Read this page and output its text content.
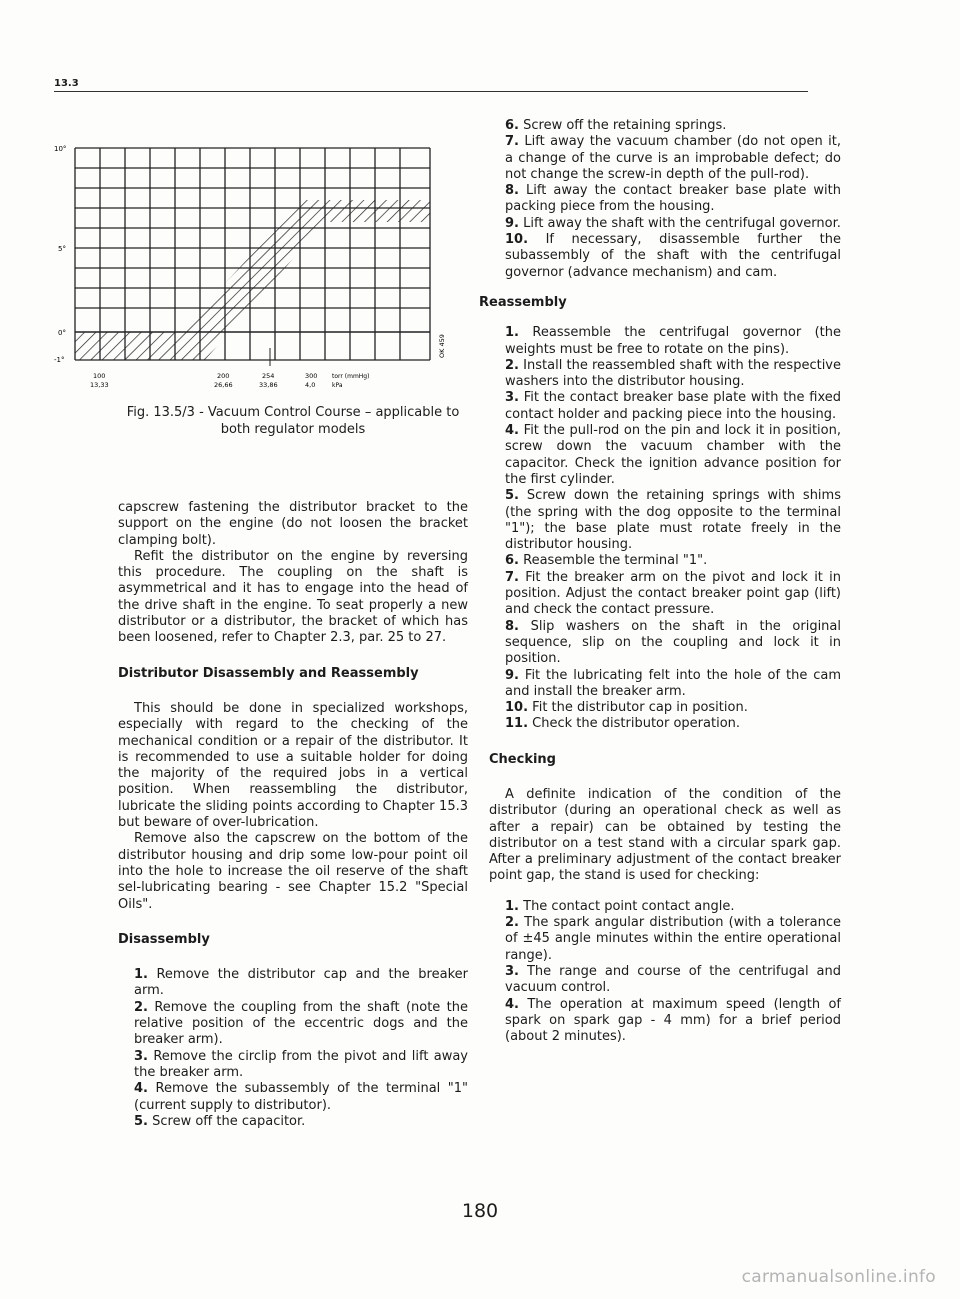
13.3
10°
5°
0°
-1°
OK 459
100	200	254	300 torr (mmHg)
13,33	26,66	33,86	4,0	kPa
Fig. 13.5/3 - Vacuum Control Course – applicable to both regulator models

capscrew fastening the distributor bracket to the support on the engine (do not loosen the bracket clamping bolt).

Refit the distributor on the engine by reversing this procedure. The coupling on the shaft is asymmetrical and it has to engage into the head of the drive shaft in the engine. To seat properly a new distributor or a distributor, the bracket of which has been loosened, refer to Chapter 2.3, par. 25 to 27.

Distributor Disassembly and Reassembly

This should be done in specialized workshops, especially with regard to the checking of the mechanical condition or a repair of the distributor. It is recommended to use a suitable holder for doing the majority of the required jobs in a vertical position. When reassembling the distributor, lubricate the sliding points according to Chapter 15.3 but beware of over-lubrication.

Remove also the capscrew on the bottom of the distributor housing and drip some low-pour point oil into the hole to increase the oil reserve of the shaft sel-lubricating bearing - see Chapter 15.2 "Special Oils".

Disassembly

1. Remove the distributor cap and the breaker arm.

2. Remove the coupling from the shaft (note the relative position of the eccentric dogs and the breaker arm).

3. Remove the circlip from the pivot and lift away the breaker arm.

4. Remove the subassembly of the terminal "1" (current supply to distributor).

5. Screw off the capacitor.

6. Screw off the retaining springs.

7. Lift away the vacuum chamber (do not open it, a change of the curve is an improbable defect; do not change the screw-in depth of the pull-rod).

8. Lift away the contact breaker base plate with packing piece from the housing.

9. Lift away the shaft with the centrifugal governor.

10. If necessary, disassemble further the subassembly of the shaft with the centrifugal governor (advance mechanism) and cam.

Reassembly

1. Reassemble the centrifugal governor (the weights must be free to rotate on the pins).

2. Install the reassembled shaft with the respective washers into the distributor housing.

3. Fit the contact breaker base plate with the fixed contact holder and packing piece into the housing.

4. Fit the pull-rod on the pin and lock it in position, screw down the vacuum chamber with the capacitor. Check the ignition advance position for the first cylinder.

5. Screw down the retaining springs with shims (the spring with the dog opposite to the terminal "1"); the base plate must rotate freely in the distributor housing.

6. Reasemble the terminal "1".

7. Fit the breaker arm on the pivot and lock it in position. Adjust the contact breaker point gap (lift) and check the contact pressure.

8. Slip washers on the shaft in the original sequence, slip on the coupling and lock it in position.

9. Fit the lubricating felt into the hole of the cam and install the breaker arm.

10. Fit the distributor cap in position.

11. Check the distributor operation.

Checking

A definite indication of the condition of the distributor (during an operational check as well as after a repair) can be obtained by testing the distributor on a test stand with a circular spark gap. After a preliminary adjustment of the contact breaker point gap, the stand is used for checking:

1. The contact point contact angle.

2. The spark angular distribution (with a tolerance of ±45 angle minutes within the entire operational range).

3. The range and course of the centrifugal and vacuum control.

4. The operation at maximum speed (length of spark on spark gap - 4 mm) for a brief period (about 2 minutes).

180
carmanualsonline.info
